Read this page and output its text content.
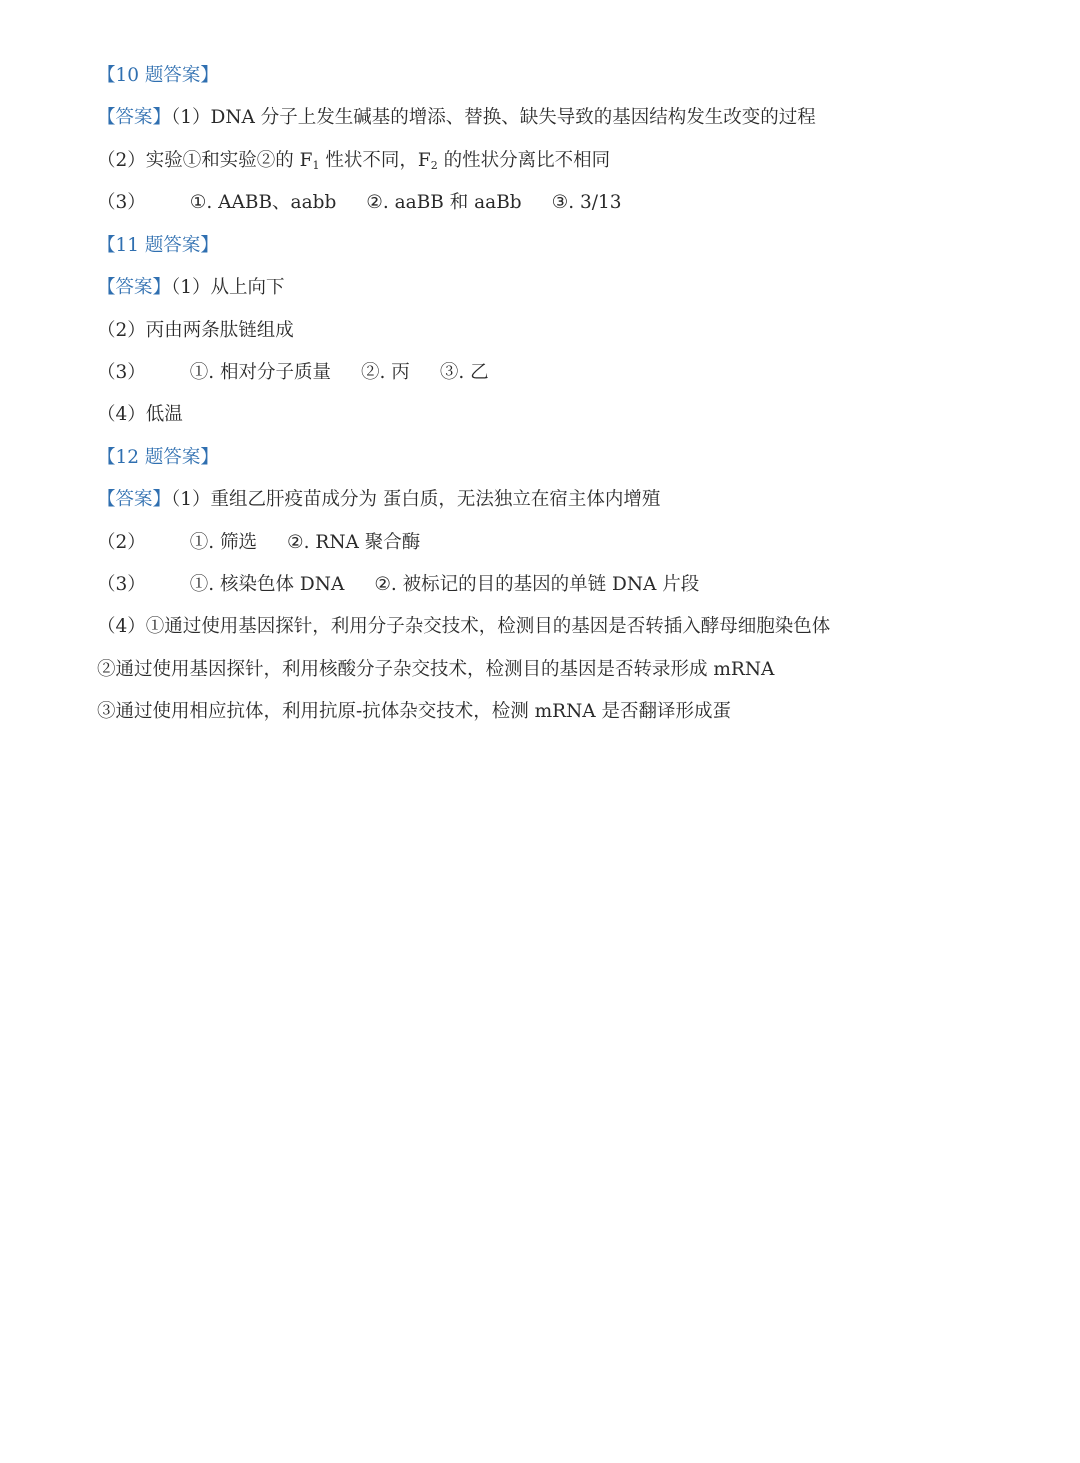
【10 题答案】
【答案】（1）DNA 分子上发生碱基的增添、替换、缺失导致的基因结构发生改变的过程
（2）实验①和实验②的 $F_1$ 性状不同，$F_2$ 的性状分离比不相同
（3） ①. AABB、aabb ②. aaBB 和 aaBb ③. 3/13
【11 题答案】
【答案】（1）从上向下
（2）丙由两条肽链组成
（3） ①. 相对分子质量 ②. 丙 ③. 乙
（4）低温
【12 题答案】
【答案】（1）重组乙肝疫苗成分为 蛋白质，无法独立在宿主体内增殖
（2） ①. 筛选 ②. RNA 聚合酶
（3） ①. 核染色体 DNA ②. 被标记的目的基因的单链 DNA 片段
（4）①通过使用基因探针，利用分子杂交技术，检测目的基因是否转插入酵母细胞染色体
②通过使用基因探针，利用核酸分子杂交技术，检测目的基因是否转录形成 mRNA
③通过使用相应抗体，利用抗原-抗体杂交技术，检测 mRNA 是否翻译形成蛋
